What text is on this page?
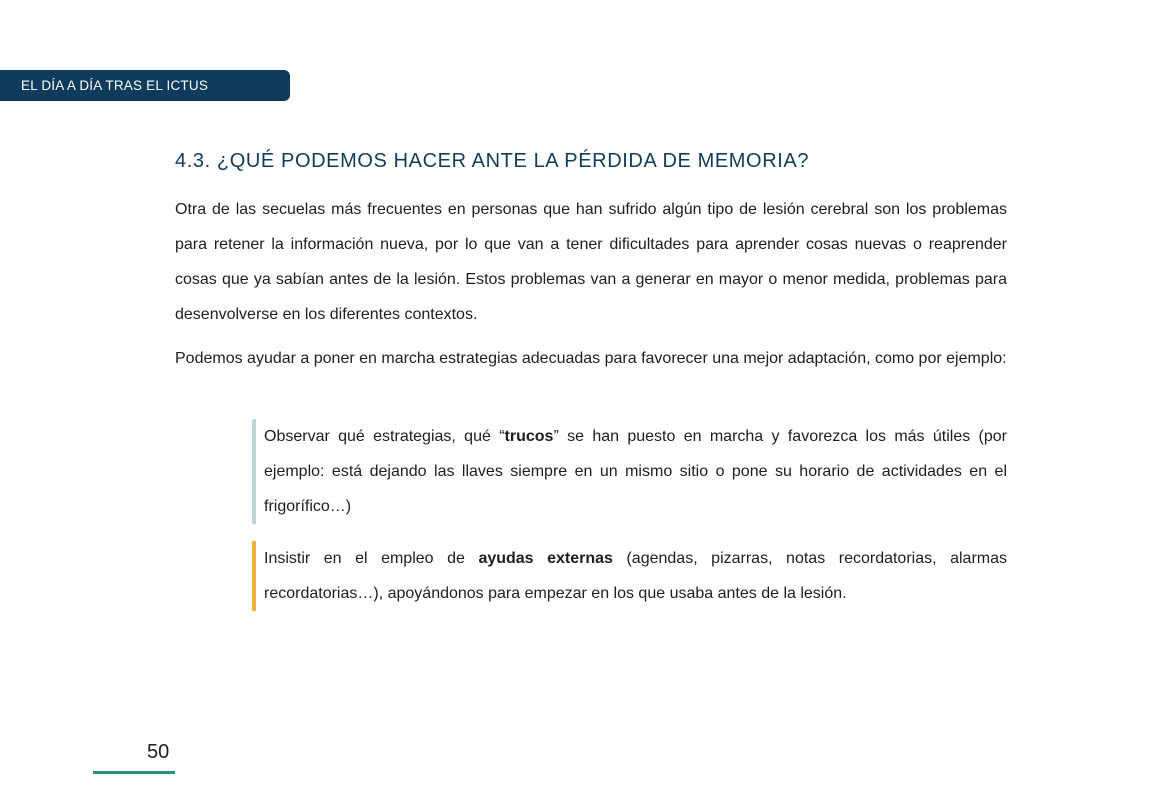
EL DÍA A DÍA TRAS EL ICTUS
4.3. ¿QUÉ PODEMOS HACER ANTE LA PÉRDIDA DE MEMORIA?

Otra de las secuelas más frecuentes en personas que han sufrido algún tipo de lesión cerebral son los problemas para retener la información nueva, por lo que van a tener dificultades para aprender cosas nuevas o reaprender cosas que ya sabían antes de la lesión. Estos problemas van a generar en mayor o menor medida, problemas para desenvolverse en los diferentes contextos.

Podemos ayudar a poner en marcha estrategias adecuadas para favorecer una mejor adaptación, como por ejemplo:

Observar qué estrategias, qué “trucos” se han puesto en marcha y favorezca los más útiles (por ejemplo: está dejando las llaves siempre en un mismo sitio o pone su horario de actividades en el frigorífico…)

Insistir en el empleo de ayudas externas (agendas, pizarras, notas recordatorias, alarmas recordatorias…), apoyándonos para empezar en los que usaba antes de la lesión.

50
